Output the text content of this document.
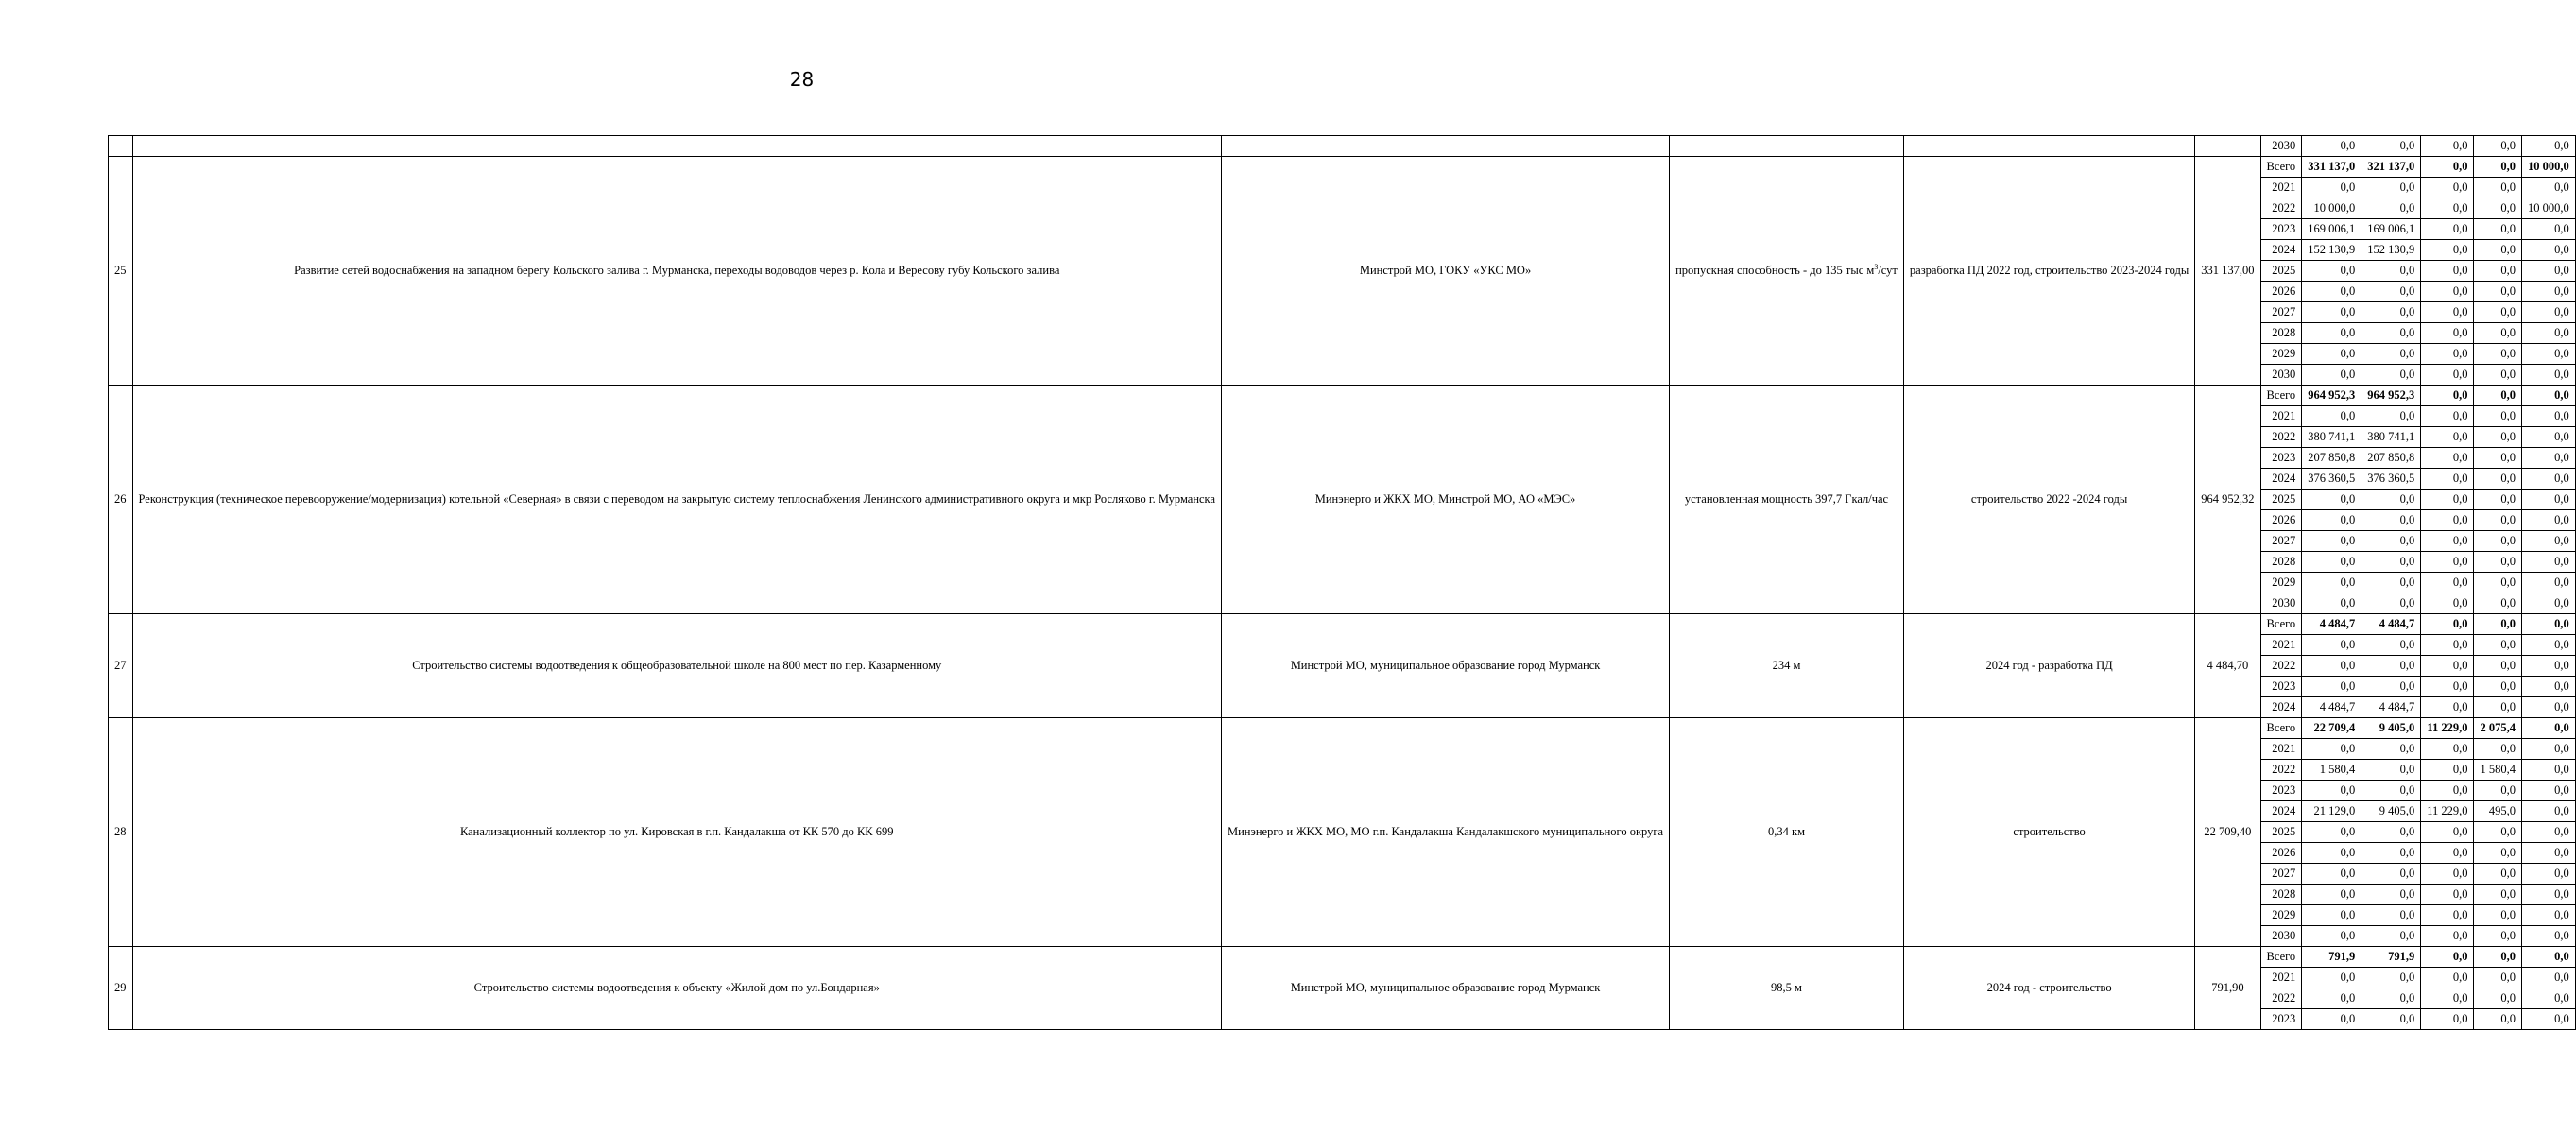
28
						2030	0,0	0,0	0,0	0,0	0,0
25	Развитие сетей водоснабжения на западном берегу Кольского залива г. Мурманска, переходы водоводов через р. Кола и Вересову губу Кольского залива	Минстрой МО, ГОКУ «УКС МО»	пропускная способность - до 135 тыс $м^3$/сут	разработка ПД 2022 год, строительство 2023-2024 годы	331 137,00	Всего	331 137,0	321 137,0	0,0	0,0	10 000,0
						2021	0,0	0,0	0,0	0,0	0,0
						2022	10 000,0	0,0	0,0	0,0	10 000,0
						2023	169 006,1	169 006,1	0,0	0,0	0,0
						2024	152 130,9	152 130,9	0,0	0,0	0,0
						2025	0,0	0,0	0,0	0,0	0,0
						2026	0,0	0,0	0,0	0,0	0,0
						2027	0,0	0,0	0,0	0,0	0,0
						2028	0,0	0,0	0,0	0,0	0,0
						2029	0,0	0,0	0,0	0,0	0,0
						2030	0,0	0,0	0,0	0,0	0,0
26	Реконструкция (техническое перевооружение/модернизация) котельной «Северная» в связи с переводом на закрытую систему теплоснабжения Ленинского административного округа и мкр Росляково г. Мурманска	Минэнерго и ЖКХ МО, Минстрой МО, АО «МЭС»	установленная мощность 397,7 Гкал/час	строительство 2022 -2024 годы	964 952,32	Всего	964 952,3	964 952,3	0,0	0,0	0,0
						2021	0,0	0,0	0,0	0,0	0,0
						2022	380 741,1	380 741,1	0,0	0,0	0,0
						2023	207 850,8	207 850,8	0,0	0,0	0,0
						2024	376 360,5	376 360,5	0,0	0,0	0,0
						2025	0,0	0,0	0,0	0,0	0,0
						2026	0,0	0,0	0,0	0,0	0,0
						2027	0,0	0,0	0,0	0,0	0,0
						2028	0,0	0,0	0,0	0,0	0,0
						2029	0,0	0,0	0,0	0,0	0,0
						2030	0,0	0,0	0,0	0,0	0,0
27	Строительство системы водоотведения к общеобразовательной школе на 800 мест по пер. Казарменному	Минстрой МО, муниципальное образование город Мурманск	234 м	2024 год - разработка ПД	4 484,70	Всего	4 484,7	4 484,7	0,0	0,0	0,0
						2021	0,0	0,0	0,0	0,0	0,0
						2022	0,0	0,0	0,0	0,0	0,0
						2023	0,0	0,0	0,0	0,0	0,0
						2024	4 484,7	4 484,7	0,0	0,0	0,0
28	Канализационный коллектор по ул. Кировская в г.п. Кандалакша от КК 570 до КК 699	Минэнерго и ЖКХ МО, МО г.п. Кандалакша Кандалакшского муниципального округа	0,34 км	строительство	22 709,40	Всего	22 709,4	9 405,0	11 229,0	2 075,4	0,0
						2021	0,0	0,0	0,0	0,0	0,0
						2022	1 580,4	0,0	0,0	1 580,4	0,0
						2023	0,0	0,0	0,0	0,0	0,0
						2024	21 129,0	9 405,0	11 229,0	495,0	0,0
						2025	0,0	0,0	0,0	0,0	0,0
						2026	0,0	0,0	0,0	0,0	0,0
						2027	0,0	0,0	0,0	0,0	0,0
						2028	0,0	0,0	0,0	0,0	0,0
						2029	0,0	0,0	0,0	0,0	0,0
						2030	0,0	0,0	0,0	0,0	0,0
29	Строительство системы водоотведения к объекту «Жилой дом по ул.Бондарная»	Минстрой МО, муниципальное образование город Мурманск	98,5 м	2024 год - строительство	791,90	Всего	791,9	791,9	0,0	0,0	0,0
						2021	0,0	0,0	0,0	0,0	0,0
						2022	0,0	0,0	0,0	0,0	0,0
						2023	0,0	0,0	0,0	0,0	0,0
